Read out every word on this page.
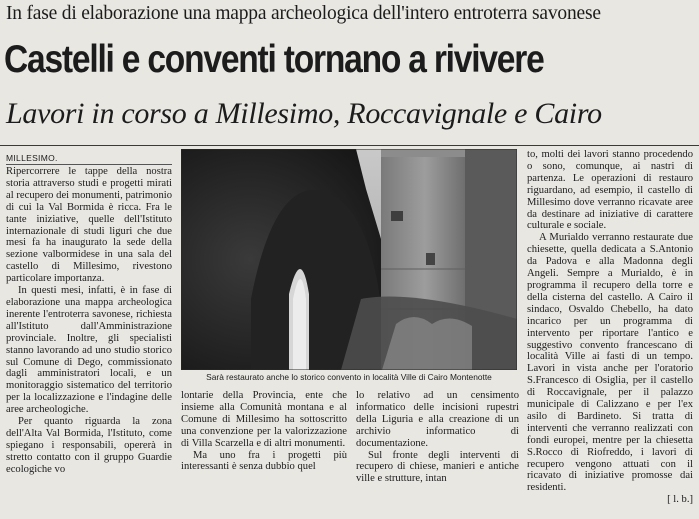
In fase di elaborazione una mappa archeologica dell'intero entroterra savonese
Castelli e conventi tornano a rivivere
Lavori in corso a Millesimo, Roccavignale e Cairo
MILLESIMO.

Ripercorrere le tappe della nostra storia attraverso studi e progetti mirati al recupero dei monumenti, patrimonio di cui la Val Bormida è ricca. Fra le tante iniziative, quelle dell'Istituto internazionale di studi liguri che due mesi fa ha inaugurato la sede della sezione valbormidese in una sala del castello di Millesimo, rivestono particolare importanza.

In questi mesi, infatti, è in fase di elaborazione una mappa archeologica inerente l'entroterra savonese, richiesta all'Istituto dall'Amministrazione provinciale. Inoltre, gli specialisti stanno lavorando ad uno studio storico sul Comune di Dego, commissionato dagli amministratori locali, e un monitoraggio sistematico del territorio per la localizzazione e l'indagine delle aree archeologiche.

Per quanto riguarda la zona dell'Alta Val Bormida, l'Istituto, come spiegano i responsabili, opererà in stretto contatto con il gruppo Guardie ecologiche vo

Sarà restaurato anche lo storico convento in località Ville di Cairo Montenotte

lontarie della Provincia, ente che insieme alla Comunità montana e al Comune di Millesimo ha sottoscritto una convenzione per la valorizzazione di Villa Scarzella e di altri monumenti.

Ma uno fra i progetti più interessanti è senza dubbio quel

lo relativo ad un censimento informatico delle incisioni rupestri della Liguria e alla creazione di un archivio informatico di documentazione.

Sul fronte degli interventi di recupero di chiese, manieri e antiche ville e strutture, intan

to, molti dei lavori stanno procedendo o sono, comunque, ai nastri di partenza. Le operazioni di restauro riguardano, ad esempio, il castello di Millesimo dove verranno ricavate aree da destinare ad iniziative di carattere culturale e sociale.

A Murialdo verranno restaurate due chiesette, quella dedicata a S.Antonio da Padova e alla Madonna degli Angeli. Sempre a Murialdo, è in programma il recupero della torre e della cisterna del castello. A Cairo il sindaco, Osvaldo Chebello, ha dato incarico per un programma di intervento per riportare l'antico e suggestivo convento francescano di località Ville ai fasti di un tempo. Lavori in vista anche per l'oratorio S.Francesco di Osiglia, per il castello di Roccavignale, per il palazzo municipale di Calizzano e per l'ex asilo di Bardineto. Si tratta di interventi che verranno realizzati con fondi europei, mentre per la chiesetta S.Rocco di Riofreddo, i lavori di recupero vengono attuati con il ricavato di iniziative promosse dai residenti.

[ l. b.]
